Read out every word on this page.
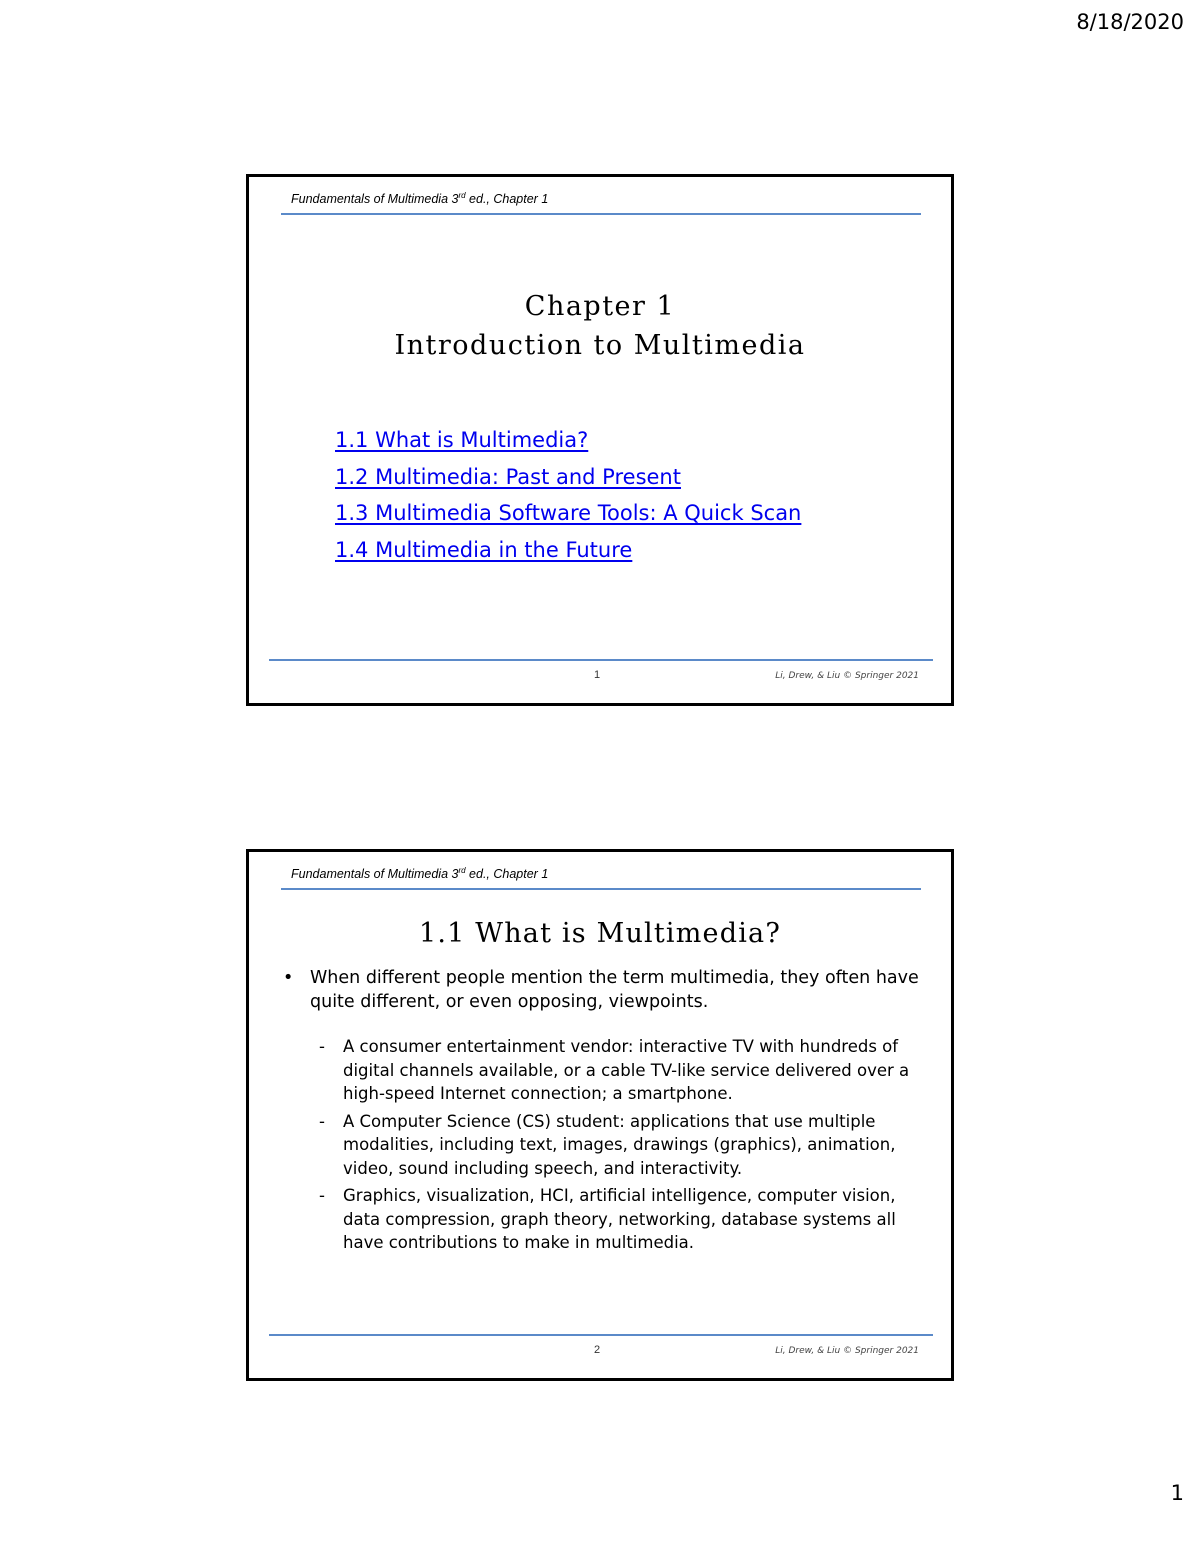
8/18/2020
Fundamentals of Multimedia 3rd ed., Chapter 1
Chapter 1
Introduction to Multimedia
1.1 What is Multimedia?
1.2 Multimedia: Past and Present
1.3 Multimedia Software Tools: A Quick Scan
1.4 Multimedia in the Future
1	Li, Drew, & Liu © Springer 2021
Fundamentals of Multimedia 3rd ed., Chapter 1
1.1 What is Multimedia?
• When different people mention the term multimedia, they often have quite different, or even opposing, viewpoints.
- A consumer entertainment vendor: interactive TV with hundreds of digital channels available, or a cable TV-like service delivered over a high-speed Internet connection; a smartphone.
- A Computer Science (CS) student: applications that use multiple modalities, including text, images, drawings (graphics), animation, video, sound including speech, and interactivity.
- Graphics, visualization, HCI, artificial intelligence, computer vision, data compression, graph theory, networking, database systems all have contributions to make in multimedia.
2	Li, Drew, & Liu © Springer 2021
1
